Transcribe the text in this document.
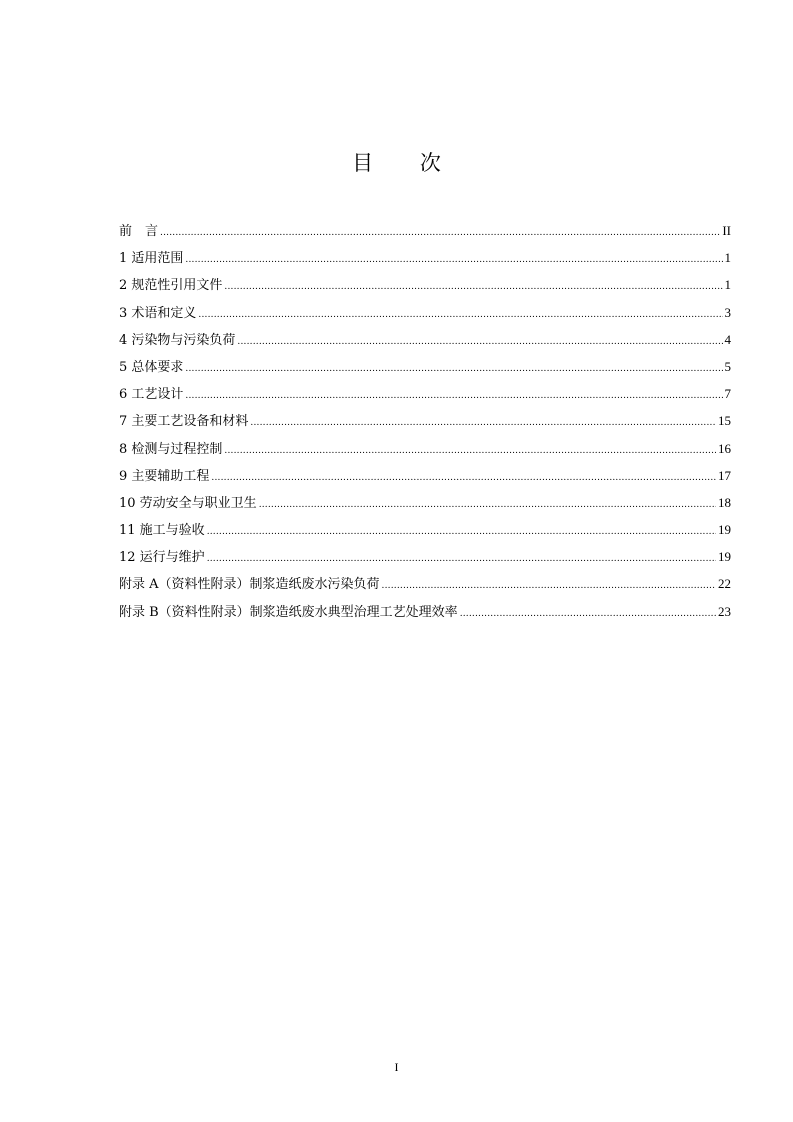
目 次
前　言 .....	II
1 适用范围 .....	1
2 规范性引用文件 .....	1
3 术语和定义 .....	3
4 污染物与污染负荷 .....	4
5 总体要求 .....	5
6 工艺设计 .....	7
7 主要工艺设备和材料 .....	15
8 检测与过程控制 .....	16
9 主要辅助工程 .....	17
10 劳动安全与职业卫生 .....	18
11 施工与验收 .....	19
12 运行与维护 .....	19
附录 A（资料性附录）制浆造纸废水污染负荷 .....	22
附录 B（资料性附录）制浆造纸废水典型治理工艺处理效率 .....	23
I
